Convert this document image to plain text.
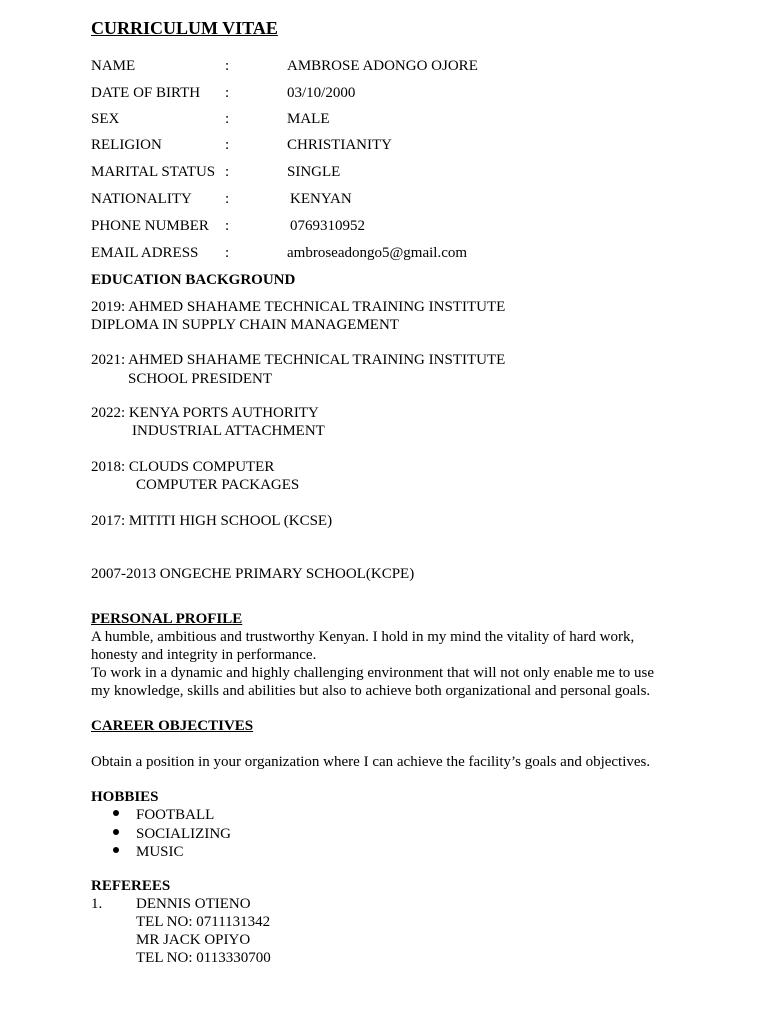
CURRICULUM VITAE
NAME	:	AMBROSE ADONGO OJORE
DATE OF BIRTH :	03/10/2000
SEX	:	MALE
RELIGION	:	CHRISTIANITY
MARITAL STATUS :	SINGLE
NATIONALITY :	KENYAN
PHONE NUMBER :	0769310952
EMAIL ADRESS :	ambroseadongo5@gmail.com
EDUCATION BACKGROUND
2019: AHMED SHAHAME TECHNICAL TRAINING INSTITUTE
DIPLOMA IN SUPPLY CHAIN MANAGEMENT
2021: AHMED SHAHAME TECHNICAL TRAINING INSTITUTE
SCHOOL PRESIDENT
2022: KENYA PORTS AUTHORITY
INDUSTRIAL ATTACHMENT
2018: CLOUDS COMPUTER
COMPUTER PACKAGES
2017: MITITI HIGH SCHOOL (KCSE)
2007-2013 ONGECHE PRIMARY SCHOOL(KCPE)
PERSONAL PROFILE
A humble, ambitious and trustworthy Kenyan. I hold in my mind the vitality of hard work,
honesty and integrity in performance.
To work in a dynamic and highly challenging environment that will not only enable me to use
my knowledge, skills and abilities but also to achieve both organizational and personal goals.
CAREER OBJECTIVES
Obtain a position in your organization where I can achieve the facility’s goals and objectives.
HOBBIES
FOOTBALL
SOCIALIZING
MUSIC
REFEREES
1. DENNIS OTIENO
TEL NO: 0711131342
MR JACK OPIYO
TEL NO: 0113330700
